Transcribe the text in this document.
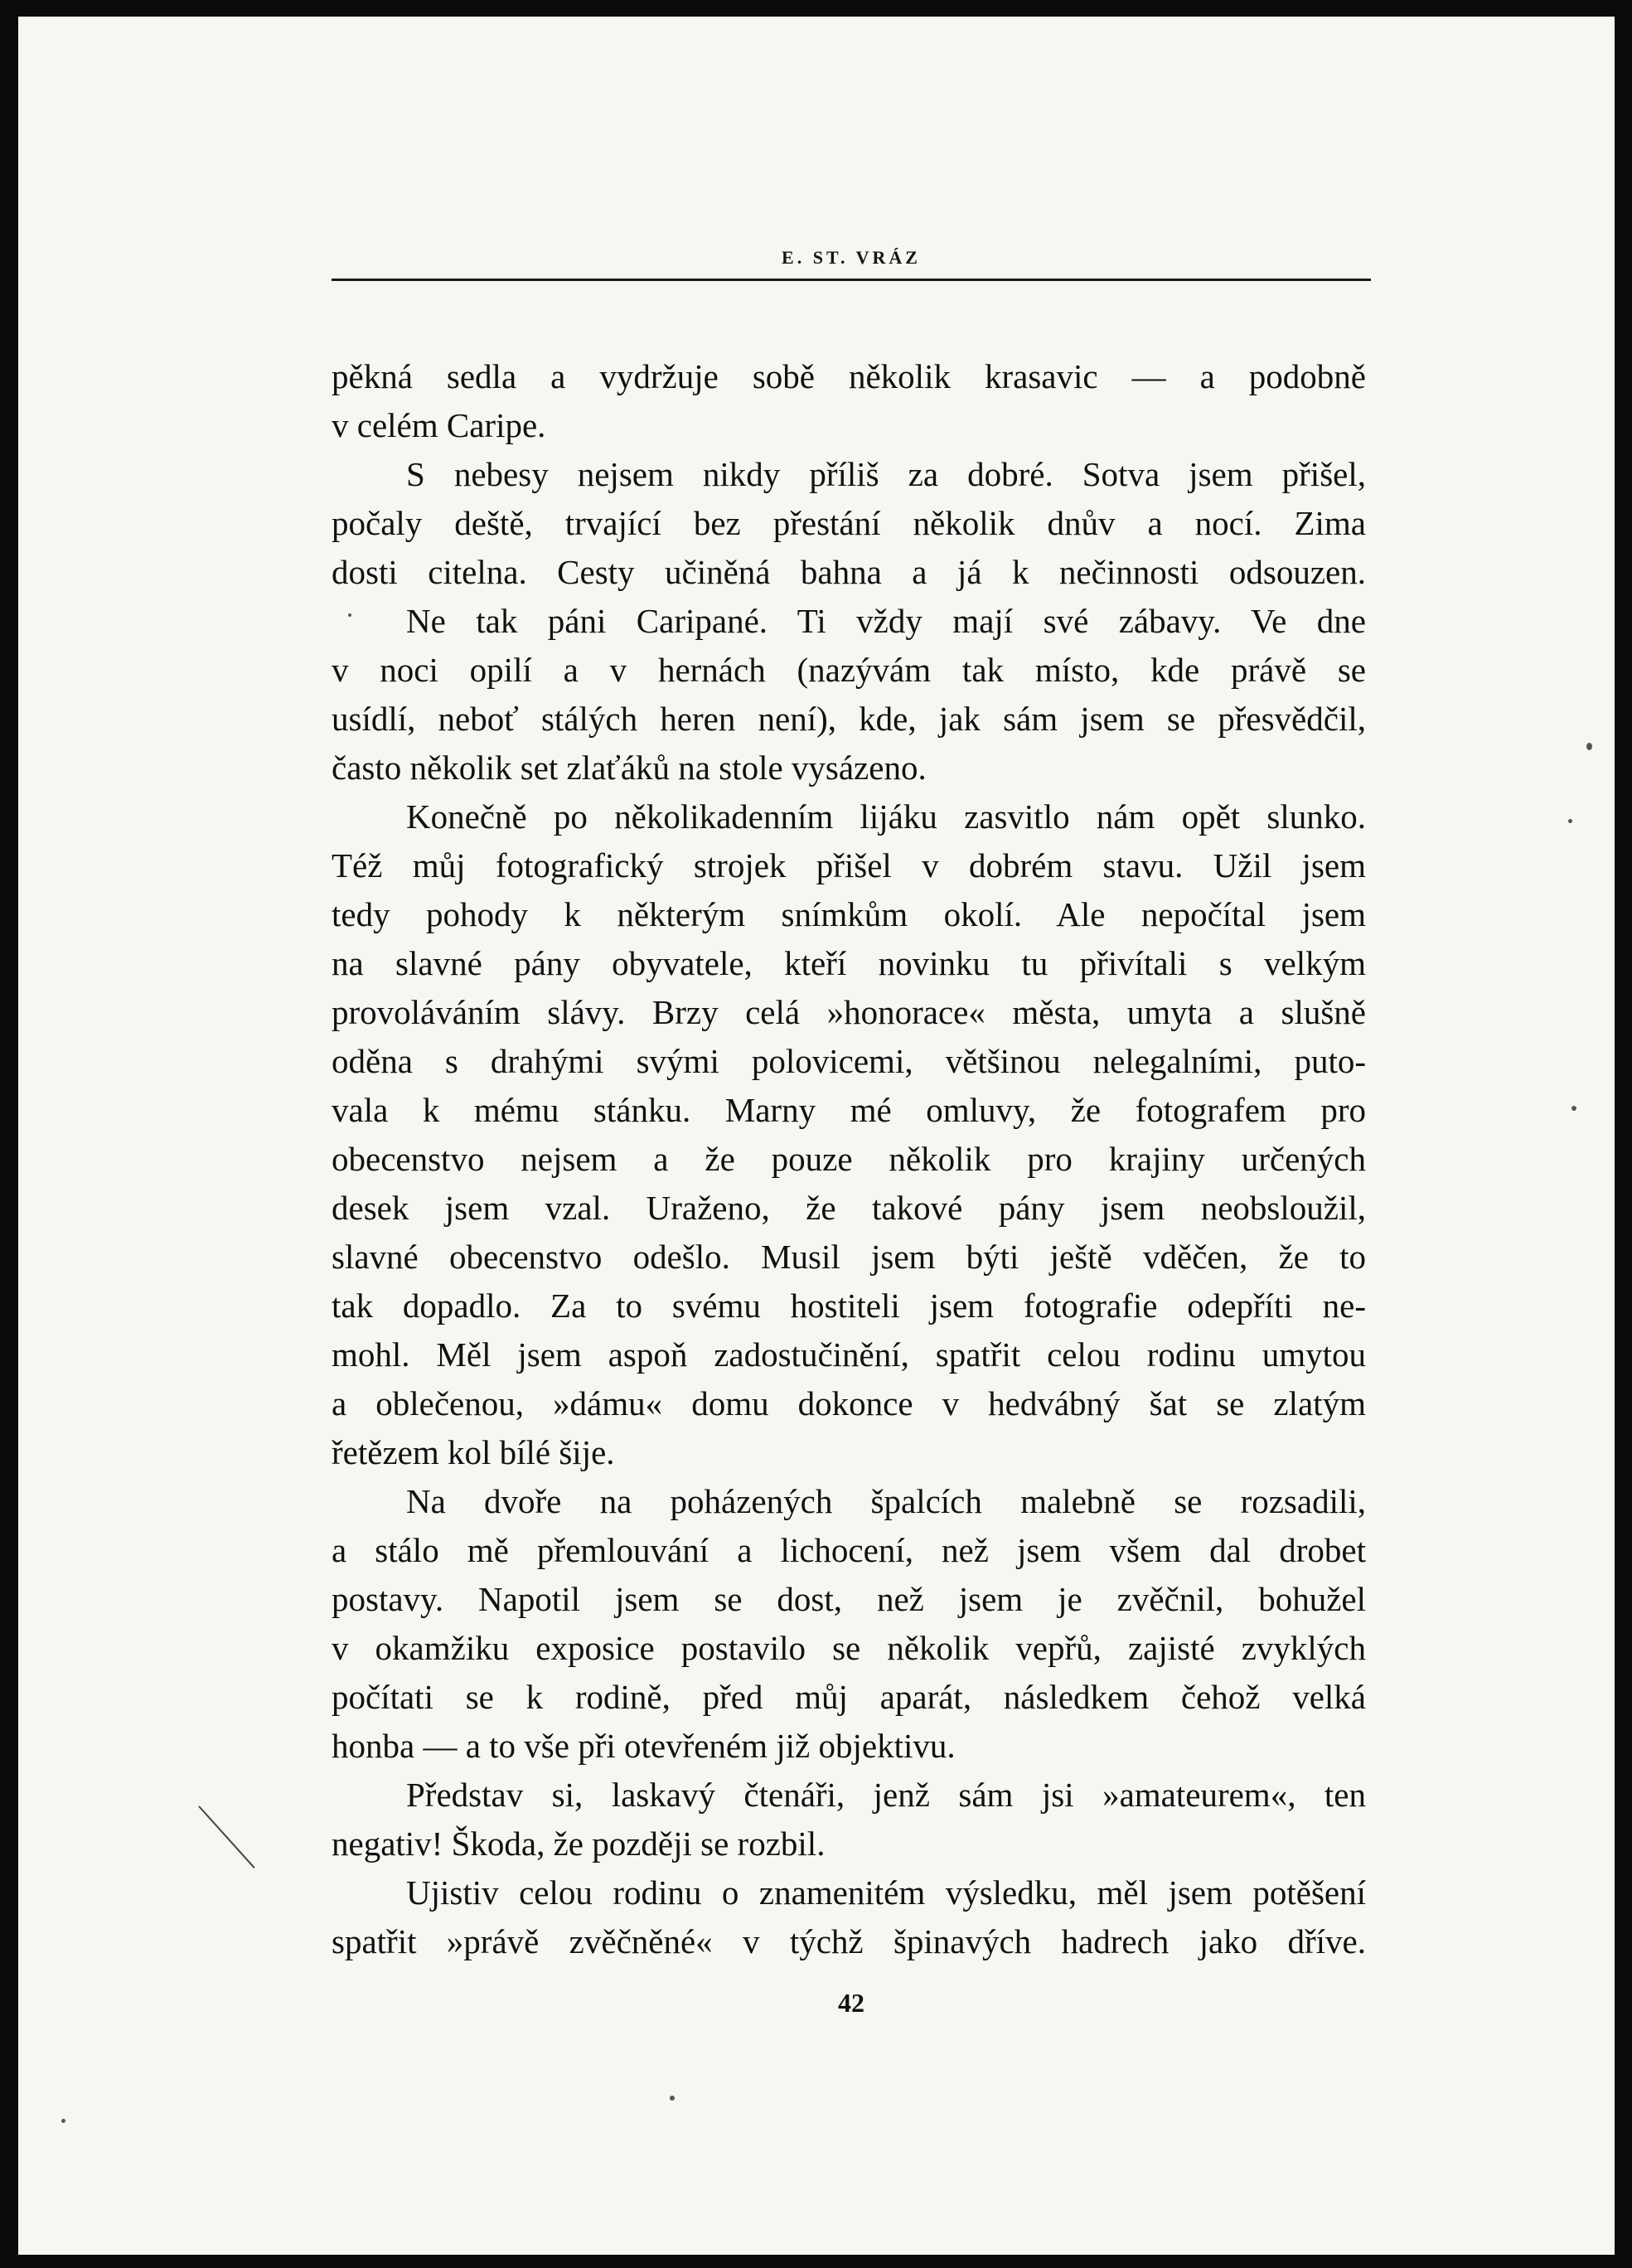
E. ST. VRÁZ

pěkná sedla a vydržuje sobě několik krasavic — a podobně

v celém Caripe.

S nebesy nejsem nikdy příliš za dobré. Sotva jsem přišel,

počaly deště, trvající bez přestání několik dnův a nocí. Zima

dosti citelna. Cesty učiněná bahna a já k nečinnosti odsouzen.

Ne tak páni Caripané. Ti vždy mají své zábavy. Ve dne

v noci opilí a v hernách (nazývám tak místo, kde právě se

usídlí, neboť stálých heren není), kde, jak sám jsem se přesvědčil,

často několik set zlaťáků na stole vysázeno.

Konečně po několikadenním lijáku zasvitlo nám opět slunko.

Též můj fotografický strojek přišel v dobrém stavu. Užil jsem

tedy pohody k některým snímkům okolí. Ale nepočítal jsem

na slavné pány obyvatele, kteří novinku tu přivítali s velkým

provoláváním slávy. Brzy celá »honorace« města, umyta a slušně

oděna s drahými svými polovicemi, většinou nelegalními, puto-

vala k mému stánku. Marny mé omluvy, že fotografem pro

obecenstvo nejsem a že pouze několik pro krajiny určených

desek jsem vzal. Uraženo, že takové pány jsem neobsloužil,

slavné obecenstvo odešlo. Musil jsem býti ještě vděčen, že to

tak dopadlo. Za to svému hostiteli jsem fotografie odepříti ne-

mohl. Měl jsem aspoň zadostučinění, spatřit celou rodinu umytou

a oblečenou, »dámu« domu dokonce v hedvábný šat se zlatým

řetězem kol bílé šije.

Na dvoře na poházených špalcích malebně se rozsadili,

a stálo mě přemlouvání a lichocení, než jsem všem dal drobet

postavy. Napotil jsem se dost, než jsem je zvěčnil, bohužel

v okamžiku exposice postavilo se několik vepřů, zajisté zvyklých

počítati se k rodině, před můj aparát, následkem čehož velká

honba — a to vše při otevřeném již objektivu.

Představ si, laskavý čtenáři, jenž sám jsi »amateurem«, ten

negativ! Škoda, že později se rozbil.

Ujistiv celou rodinu o znamenitém výsledku, měl jsem potěšení

spatřit »právě zvěčněné« v týchž špinavých hadrech jako dříve.

42
